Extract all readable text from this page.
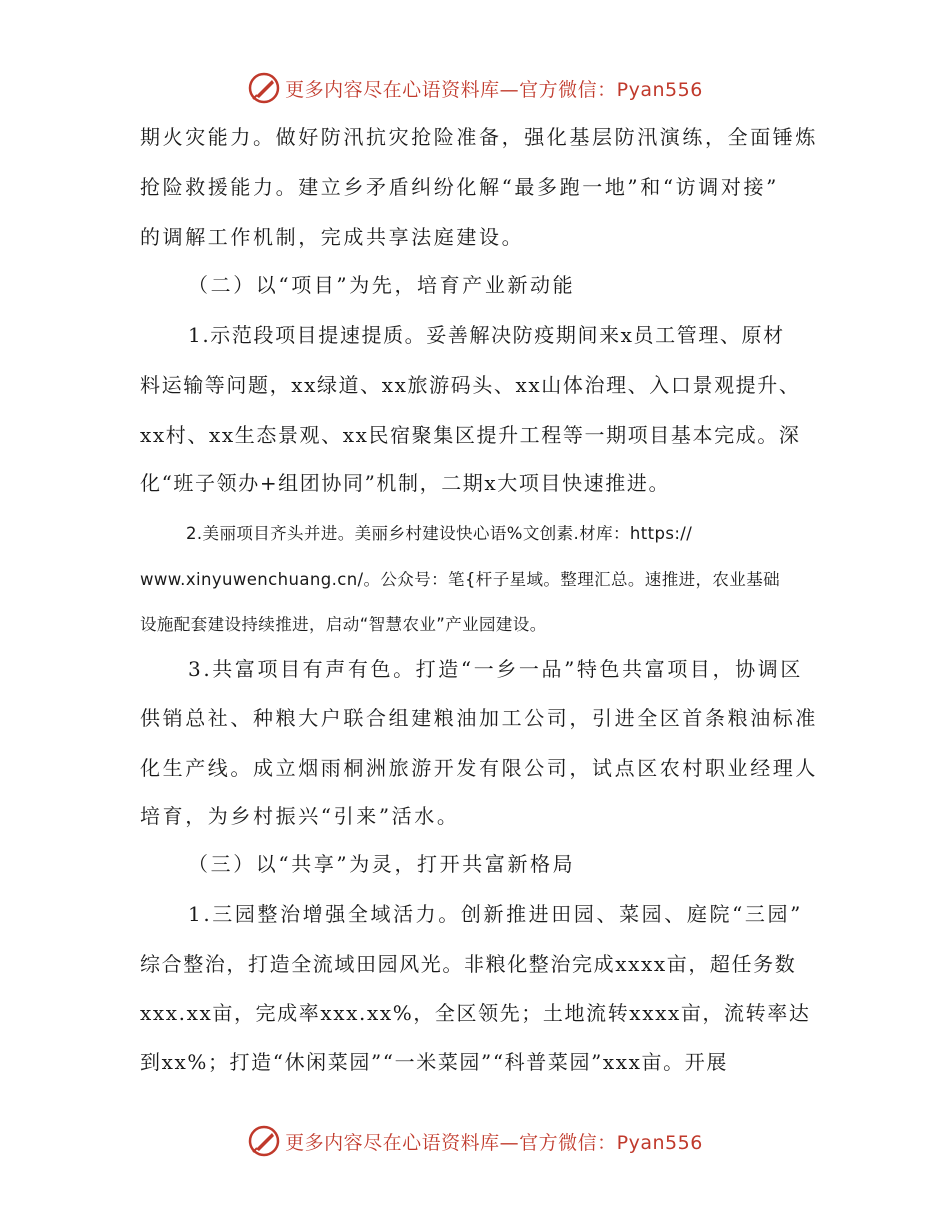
更多内容尽在心语资料库—官方微信：Pyan556
期火灾能力。做好防汛抗灾抢险准备，强化基层防汛演练，全面锤炼
抢险救援能力。建立乡矛盾纠纷化解“最多跑一地”和“访调对接”
的调解工作机制，完成共享法庭建设。
（二）以“项目”为先，培育产业新动能
1.示范段项目提速提质。妥善解决防疫期间来x员工管理、原材
料运输等问题，xx绿道、xx旅游码头、xx山体治理、入口景观提升、
xx村、xx生态景观、xx民宿聚集区提升工程等一期项目基本完成。深
化“班子领办+组团协同”机制，二期x大项目快速推进。
2.美丽项目齐头并进。美丽乡村建设快心语%文创素.材库：https://
www.xinyuwenchuang.cn/。公众号：笔{杆子星域。整理汇总。速推进，农业基础
设施配套建设持续推进，启动“智慧农业”产业园建设。
3.共富项目有声有色。打造“一乡一品”特色共富项目，协调区
供销总社、种粮大户联合组建粮油加工公司，引进全区首条粮油标准
化生产线。成立烟雨桐洲旅游开发有限公司，试点区农村职业经理人
培育，为乡村振兴“引来”活水。
（三）以“共享”为灵，打开共富新格局
1.三园整治增强全域活力。创新推进田园、菜园、庭院“三园”
综合整治，打造全流域田园风光。非粮化整治完成xxxx亩，超任务数
xxx.xx亩，完成率xxx.xx%，全区领先；土地流转xxxx亩，流转率达
到xx%；打造“休闲菜园”“一米菜园”“科普菜园”xxx亩。开展
更多内容尽在心语资料库—官方微信：Pyan556
